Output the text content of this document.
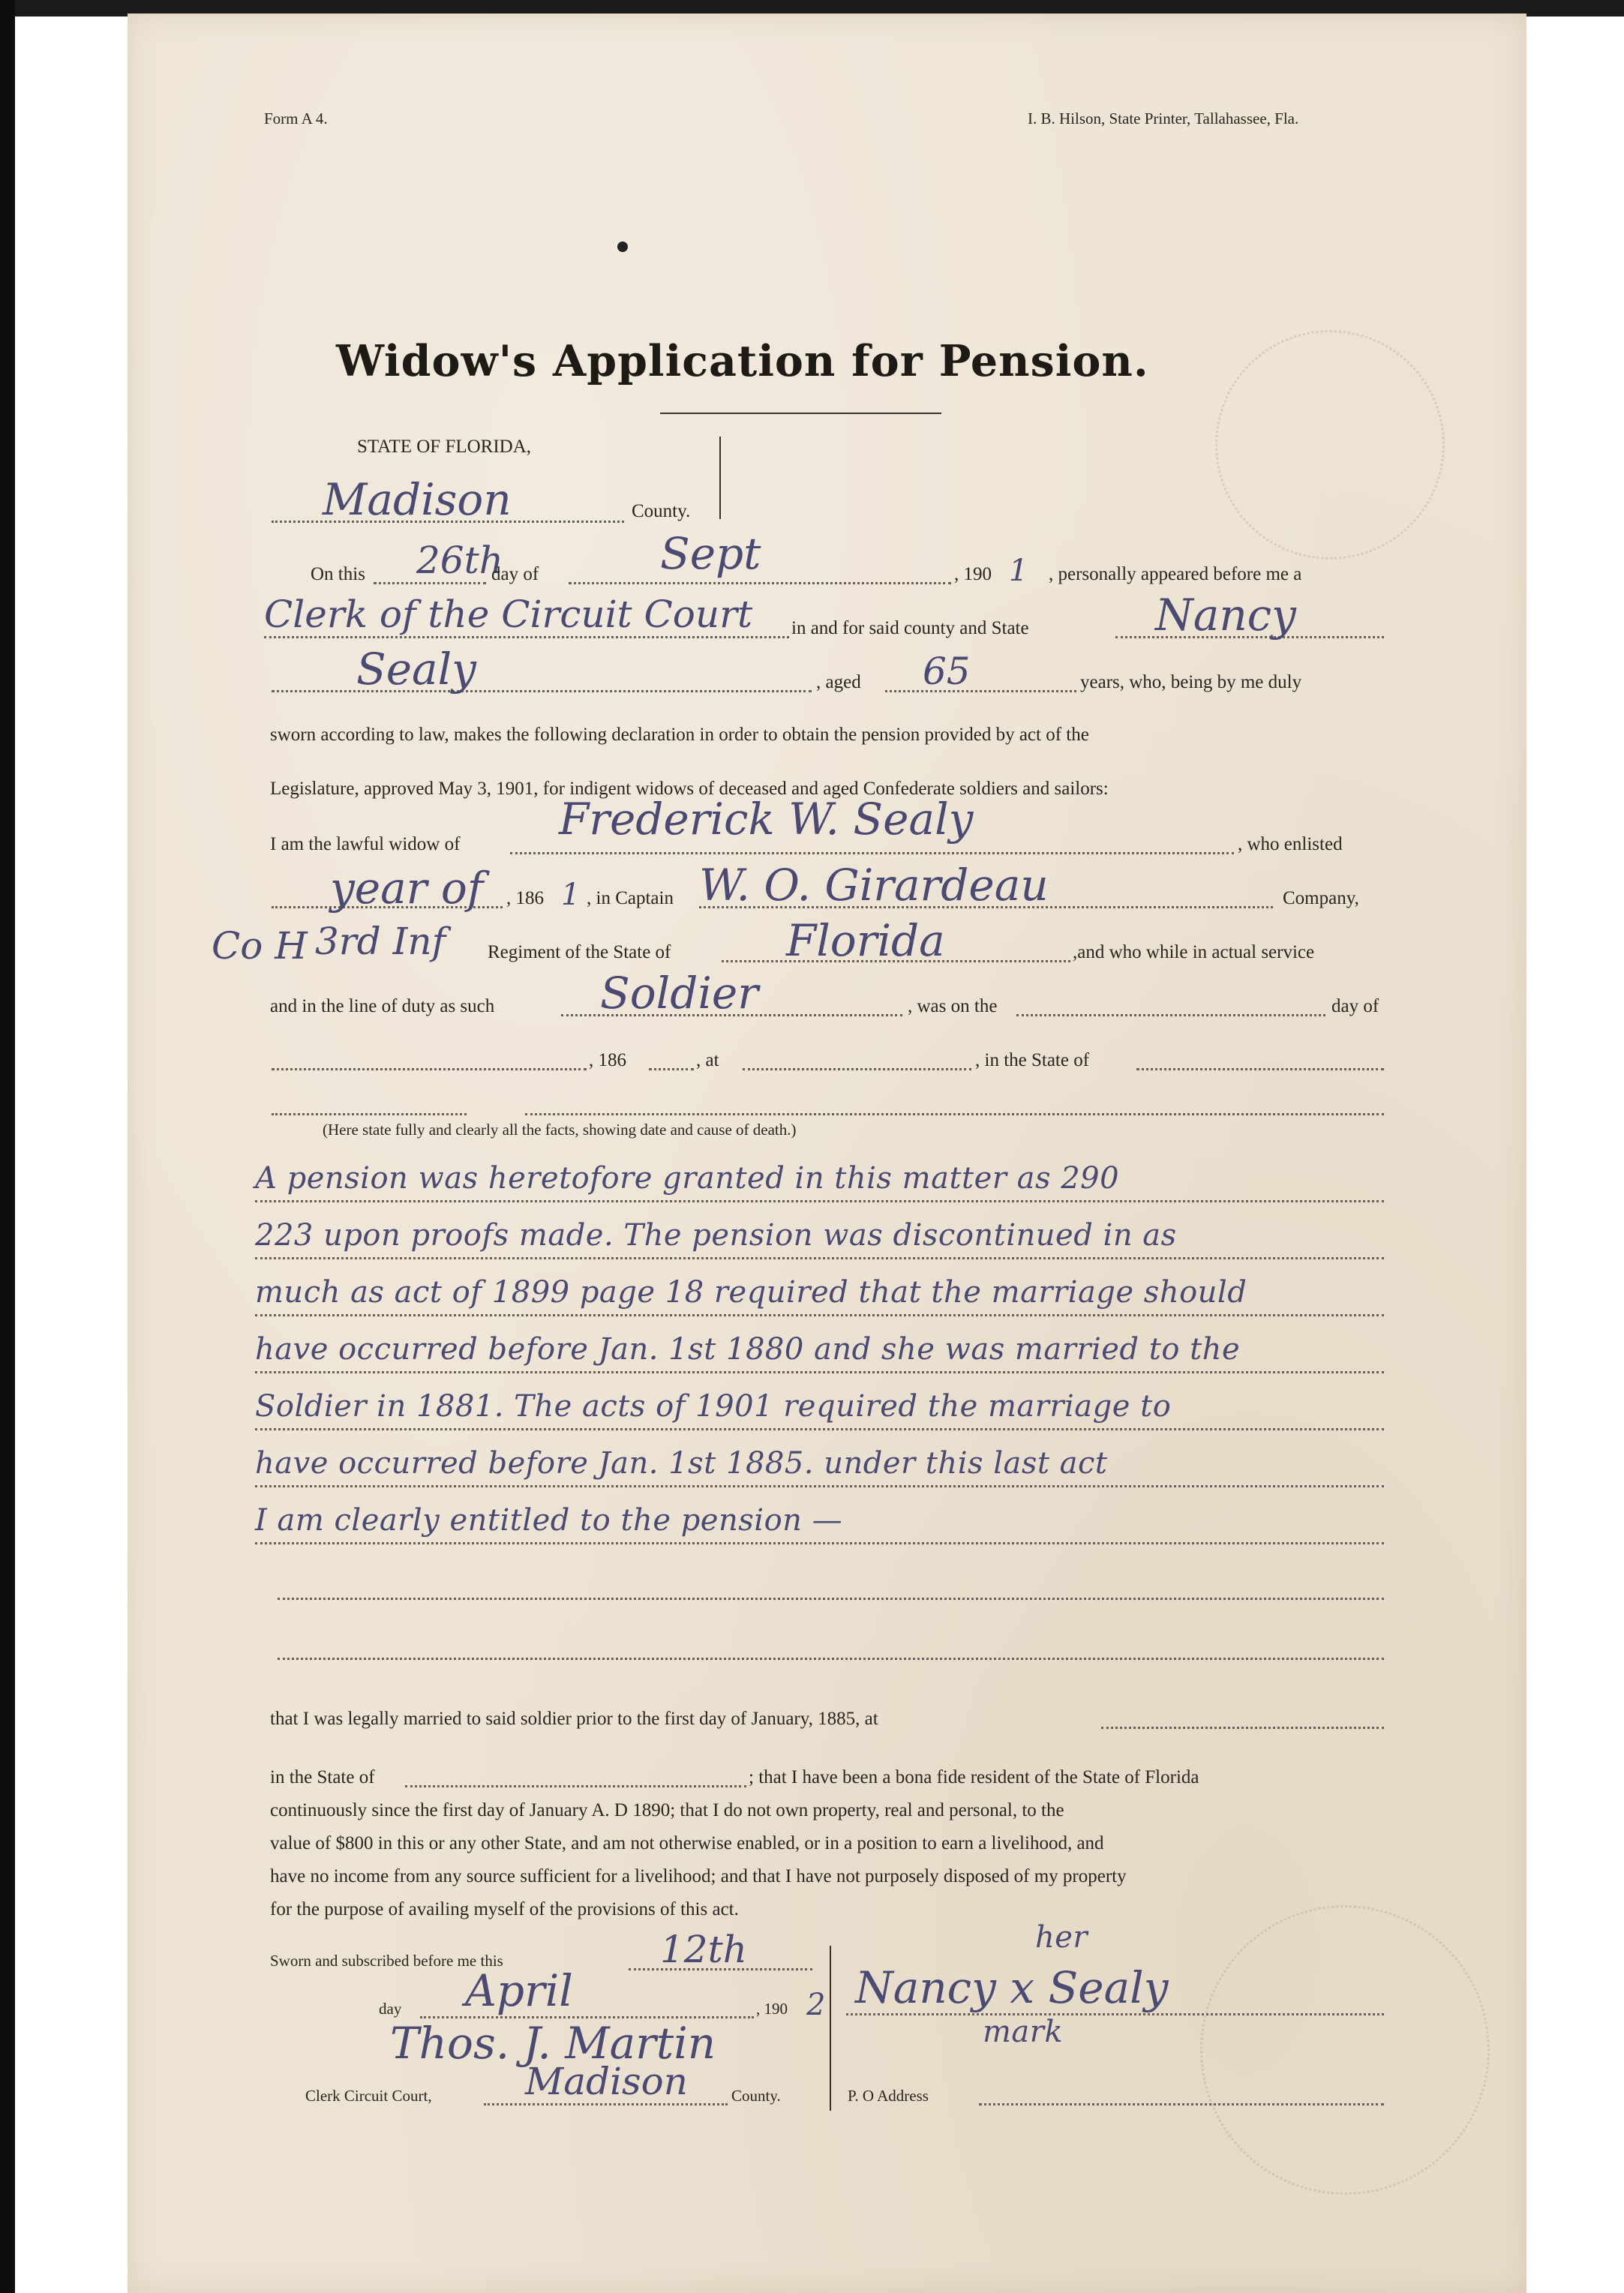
Form A 4.	I. B. Hilson, State Printer, Tallahassee, Fla.
Widow's Application for Pension.
STATE OF FLORIDA,
Madison	County.
On this 26th
day of	Sept	, 190 1 , personally appeared before me a
Clerk of the Circuit Court in and for said county and State	Nancy
Sealy	, aged 65	years, who, being by me duly
sworn according to law, makes the following declaration in order to obtain the pension provided by act of the
Legislature, approved May 3, 1901, for indigent widows of deceased and aged Confederate soldiers and sailors:
I am the lawful widow of Frederick W. Sealy	, who enlisted
year of , 186 1 , in Captain W. O. Girardeau	Company,
Co H 3rd Inf Regiment of the State of	Florida	,and who while in actual service
and in the line of duty as such Soldier	, was on the	day of
, 186	, at	, in the State of
(Here state fully and clearly all the facts, showing date and cause of death.)
A pension was heretofore granted in this matter as 290
223 upon proofs made. The pension was discontinued in as
much as act of 1899 page 18 required that the marriage should
have occurred before Jan. 1st 1880 and she was married to the
Soldier in 1881. The acts of 1901 required the marriage to
have occurred before Jan. 1st 1885. under this last act
I am clearly entitled to the pension —
that I was legally married to said soldier prior to the first day of January, 1885, at
in the State of	; that I have been a bona fide resident of the State of Florida
continuously since the first day of January A. D 1890; that I do not own property, real and personal, to the
value of $800 in this or any other State, and am not otherwise enabled, or in a position to earn a livelihood, and
have no income from any source sufficient for a livelihood; and that I have not purposely disposed of my property
for the purpose of availing myself of the provisions of this act.
Sworn and subscribed before me this	12th
day April	, 190 2
Thos. J. Martin
Clerk Circuit Court, Madison	County.
her
Nancy x Sealy
mark
P. O Address
